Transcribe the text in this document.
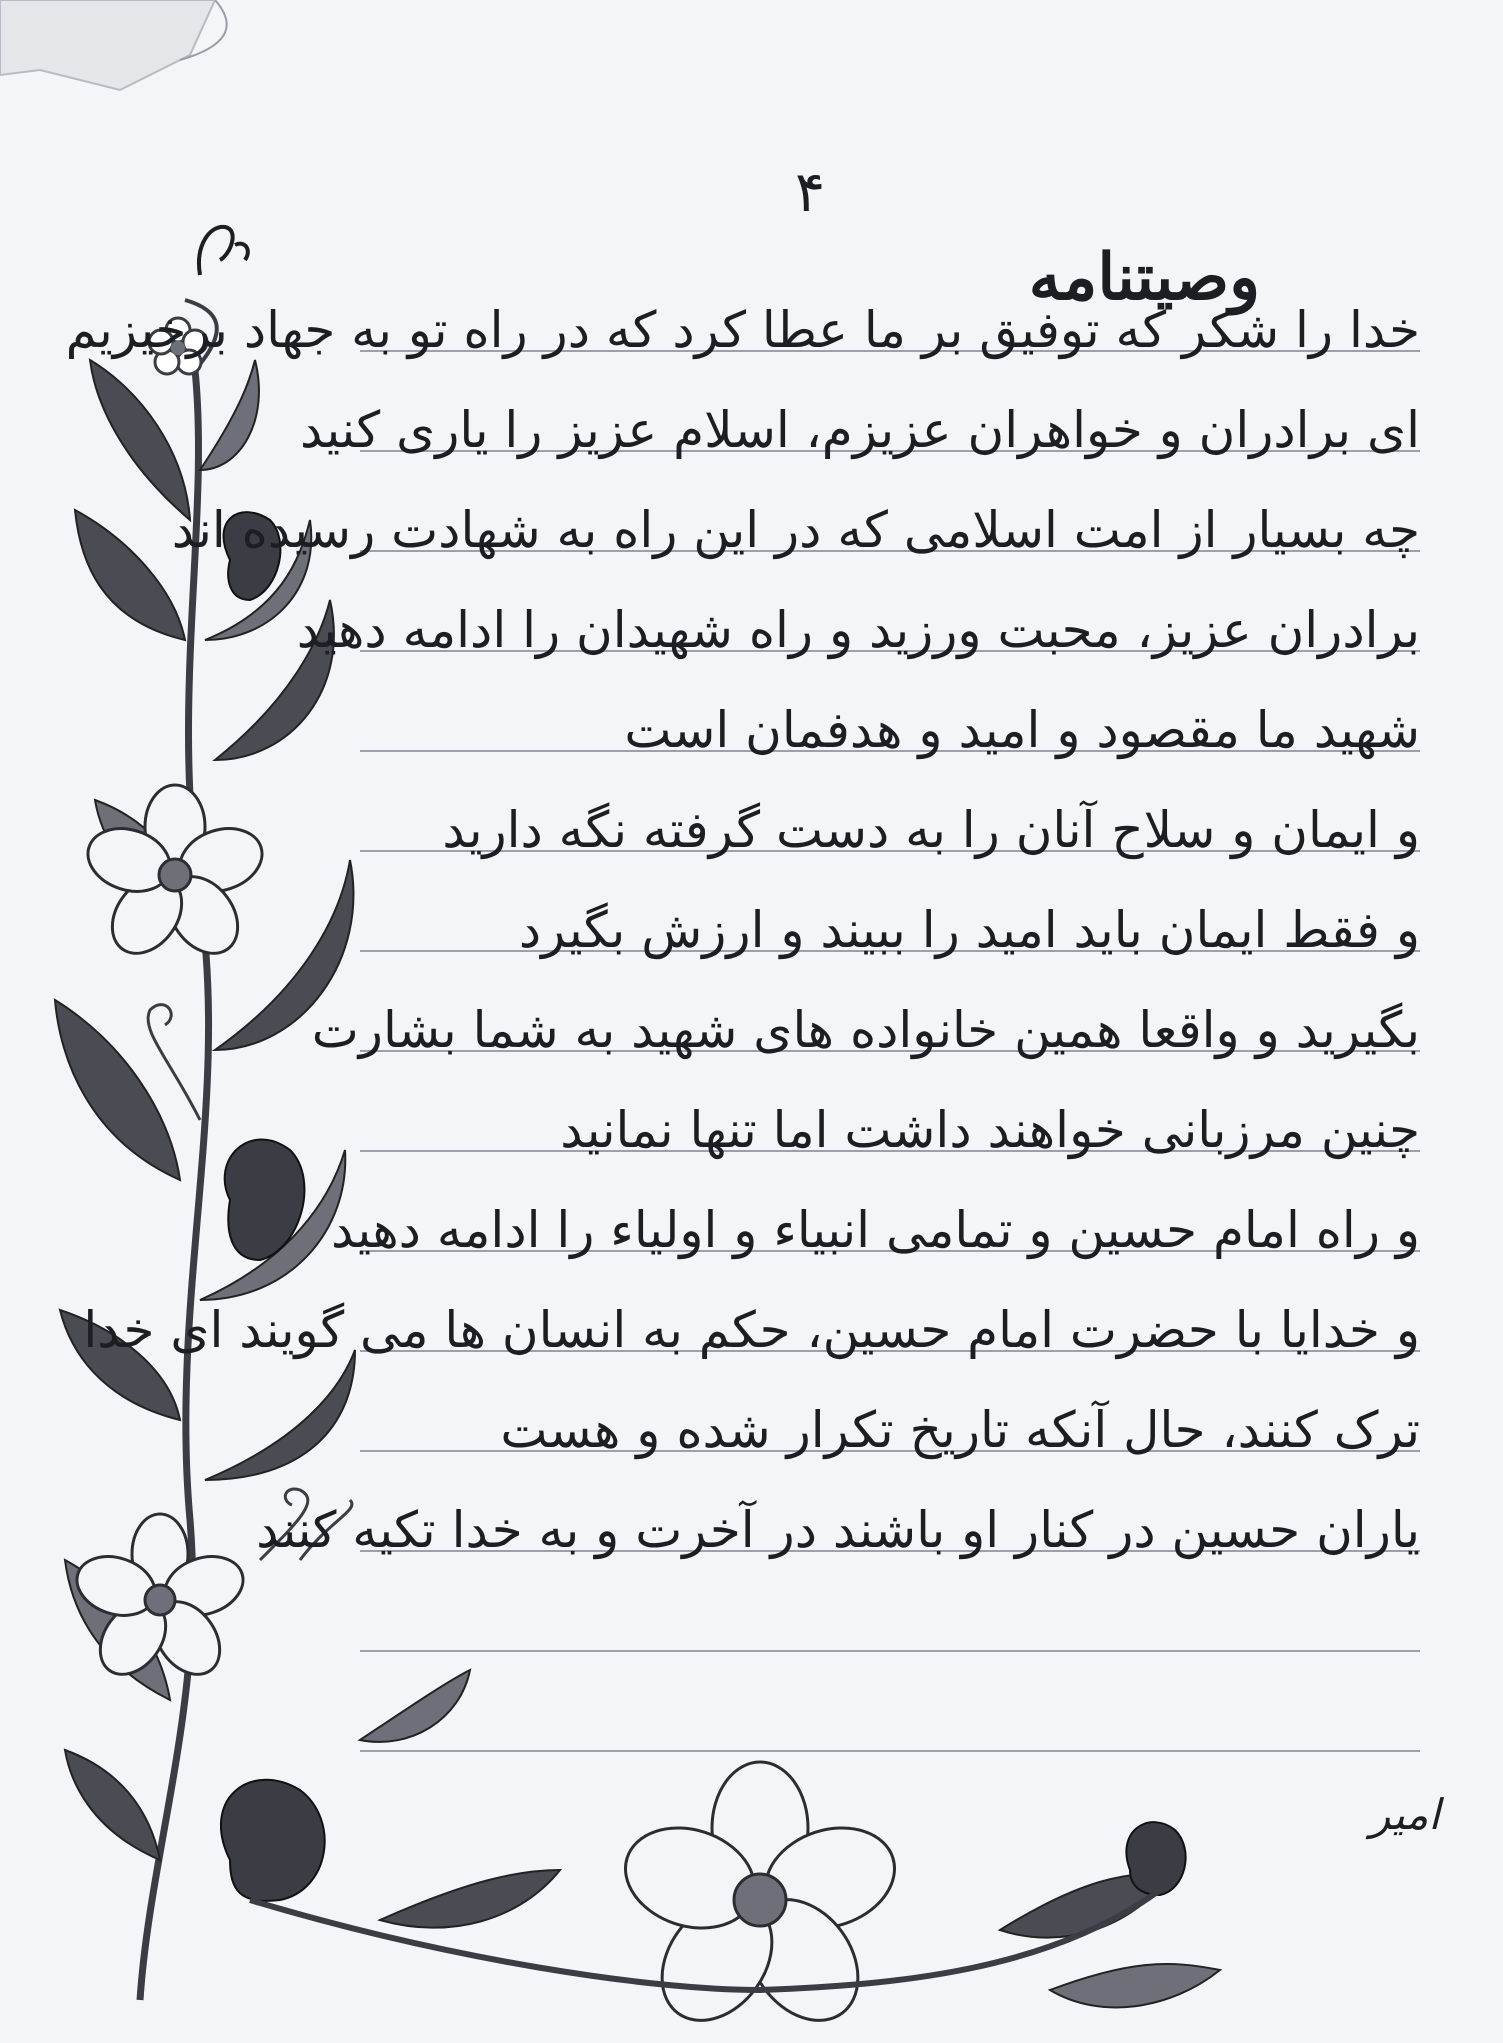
۴
وصیتنامه
خدا را شکر که توفیق بر ما عطا کرد که در راه تو به جهاد برخیزیم
ای برادران و خواهران عزیزم، اسلام عزیز را یاری کنید
چه بسیار از امت اسلامی که در این راه به شهادت رسیده اند
برادران عزیز، محبت ورزید و راه شهیدان را ادامه دهید
شهید ما مقصود و امید و هدفمان است
و ایمان و سلاح آنان را به دست گرفته نگه دارید
و فقط ایمان باید امید را ببیند و ارزش بگیرد
بگیرید و واقعا همین خانواده های شهید به شما بشارت
چنین مرزبانی خواهند داشت اما تنها نمانید
و راه امام حسین و تمامی انبیاء و اولیاء را ادامه دهید
و خدایا با حضرت امام حسین، حکم به انسان ها می گویند ای خدا
ترک کنند، حال آنکه تاریخ تکرار شده و هست
یاران حسین در کنار او باشند در آخرت و به خدا تکیه کنند
امیر
